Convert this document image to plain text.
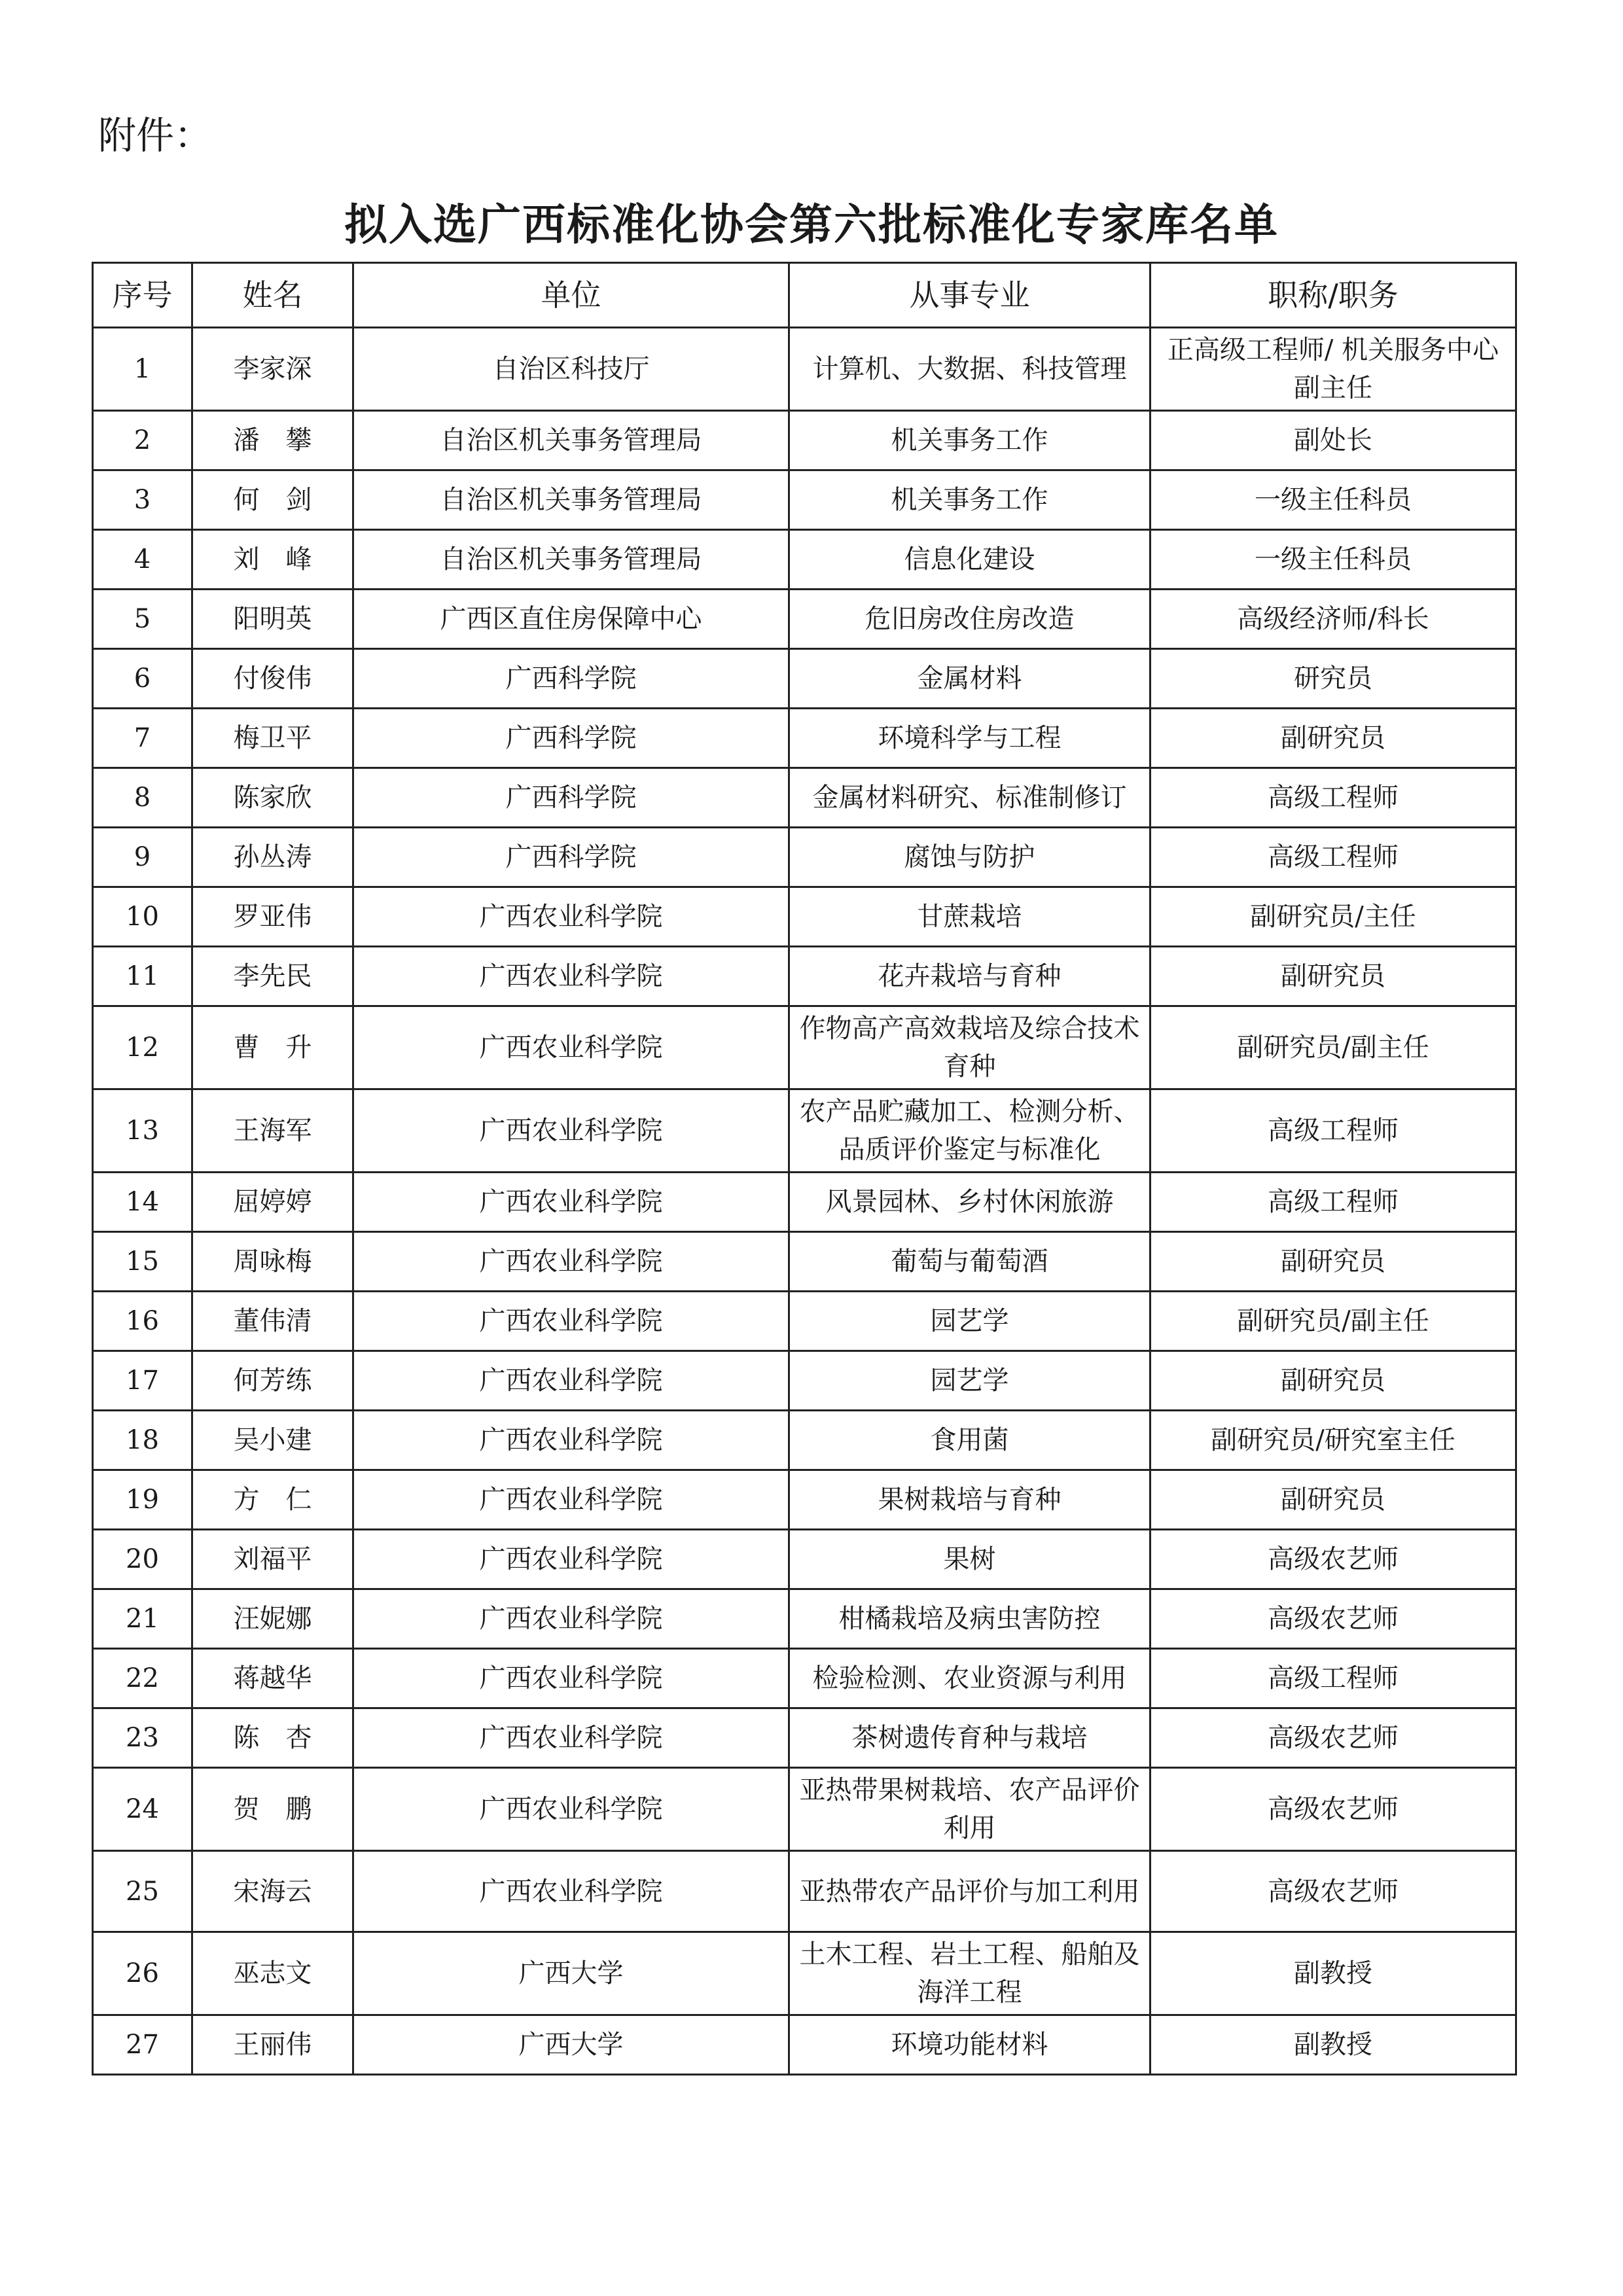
附件：
拟入选广西标准化协会第六批标准化专家库名单
序号	姓名	单位	从事专业	职称/职务
1	李家深	自治区科技厅	计算机、大数据、科技管理	正高级工程师/ 机关服务中心副主任
2	潘　攀	自治区机关事务管理局	机关事务工作	副处长
3	何　剑	自治区机关事务管理局	机关事务工作	一级主任科员
4	刘　峰	自治区机关事务管理局	信息化建设	一级主任科员
5	阳明英	广西区直住房保障中心	危旧房改住房改造	高级经济师/科长
6	付俊伟	广西科学院	金属材料	研究员
7	梅卫平	广西科学院	环境科学与工程	副研究员
8	陈家欣	广西科学院	金属材料研究、标准制修订	高级工程师
9	孙丛涛	广西科学院	腐蚀与防护	高级工程师
10	罗亚伟	广西农业科学院	甘蔗栽培	副研究员/主任
11	李先民	广西农业科学院	花卉栽培与育种	副研究员
12	曹　升	广西农业科学院	作物高产高效栽培及综合技术育种	副研究员/副主任
13	王海军	广西农业科学院	农产品贮藏加工、检测分析、品质评价鉴定与标准化	高级工程师
14	屈婷婷	广西农业科学院	风景园林、乡村休闲旅游	高级工程师
15	周咏梅	广西农业科学院	葡萄与葡萄酒	副研究员
16	董伟清	广西农业科学院	园艺学	副研究员/副主任
17	何芳练	广西农业科学院	园艺学	副研究员
18	吴小建	广西农业科学院	食用菌	副研究员/研究室主任
19	方　仁	广西农业科学院	果树栽培与育种	副研究员
20	刘福平	广西农业科学院	果树	高级农艺师
21	汪妮娜	广西农业科学院	柑橘栽培及病虫害防控	高级农艺师
22	蒋越华	广西农业科学院	检验检测、农业资源与利用	高级工程师
23	陈　杏	广西农业科学院	茶树遗传育种与栽培	高级农艺师
24	贺　鹏	广西农业科学院	亚热带果树栽培、农产品评价利用	高级农艺师
25	宋海云	广西农业科学院	亚热带农产品评价与加工利用	高级农艺师
26	巫志文	广西大学	土木工程、岩土工程、船舶及海洋工程	副教授
27	王丽伟	广西大学	环境功能材料	副教授
